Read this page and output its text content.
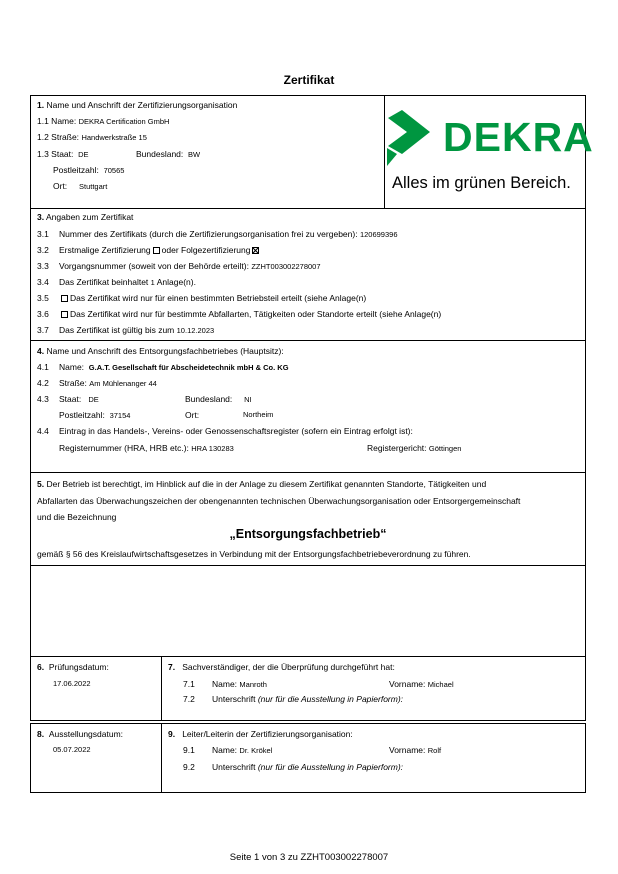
Zertifikat
1. Name und Anschrift der Zertifizierungsorganisation
1.1 Name: DEKRA Certification GmbH
1.2 Straße: Handwerkstraße 15
1.3 Staat: DE	Bundesland: BW
Postleitzahl: 70565
Ort: Stuttgart
DEKRA
Alles im grünen Bereich.
3. Angaben zum Zertifikat
3.1 Nummer des Zertifikats (durch die Zertifizierungsorganisation frei zu vergeben): 120699396
3.2 Erstmalige Zertifizierung oder Folgezertifizierung
3.3 Vorgangsnummer (soweit von der Behörde erteilt): ZZHT003002278007
3.4 Das Zertifikat beinhaltet 1 Anlage(n).
3.5	Das Zertifikat wird nur für einen bestimmten Betriebsteil erteilt (siehe Anlage(n)
3.6	Das Zertifikat wird nur für bestimmte Abfallarten, Tätigkeiten oder Standorte erteilt (siehe Anlage(n)
3.7 Das Zertifikat ist gültig bis zum 10.12.2023
4. Name und Anschrift des Entsorgungsfachbetriebes (Hauptsitz):
4.1 Name: G.A.T. Gesellschaft für Abscheidetechnik mbH & Co. KG
4.2 Straße: Am Mühlenanger 44
4.3 Staat: DE	Bundesland: NI
Postleitzahl: 37154	Ort:	Northeim
4.4 Eintrag in das Handels-, Vereins- oder Genossenschaftsregister (sofern ein Eintrag erfolgt ist):
Registernummer (HRA, HRB etc.): HRA 130283	Registergericht: Göttingen
5. Der Betrieb ist berechtigt, im Hinblick auf die in der Anlage zu diesem Zertifikat genannten Standorte, Tätigkeiten und
Abfallarten das Überwachungszeichen der obengenannten technischen Überwachungsorganisation oder Entsorgergemeinschaft
und die Bezeichnung
„Entsorgungsfachbetrieb“
gemäß § 56 des Kreislaufwirtschaftsgesetzes in Verbindung mit der Entsorgungsfachbetriebeverordnung zu führen.
6. Prüfungsdatum:
17.06.2022
7. Sachverständiger, der die Überprüfung durchgeführt hat:
7.1 Name: Manroth	Vorname: Michael
7.2 Unterschrift (nur für die Ausstellung in Papierform):
8. Ausstellungsdatum:
05.07.2022
9. Leiter/Leiterin der Zertifizierungsorganisation:
9.1 Name: Dr. Krökel	Vorname: Rolf
9.2 Unterschrift (nur für die Ausstellung in Papierform):
Seite 1 von 3 zu ZZHT003002278007
